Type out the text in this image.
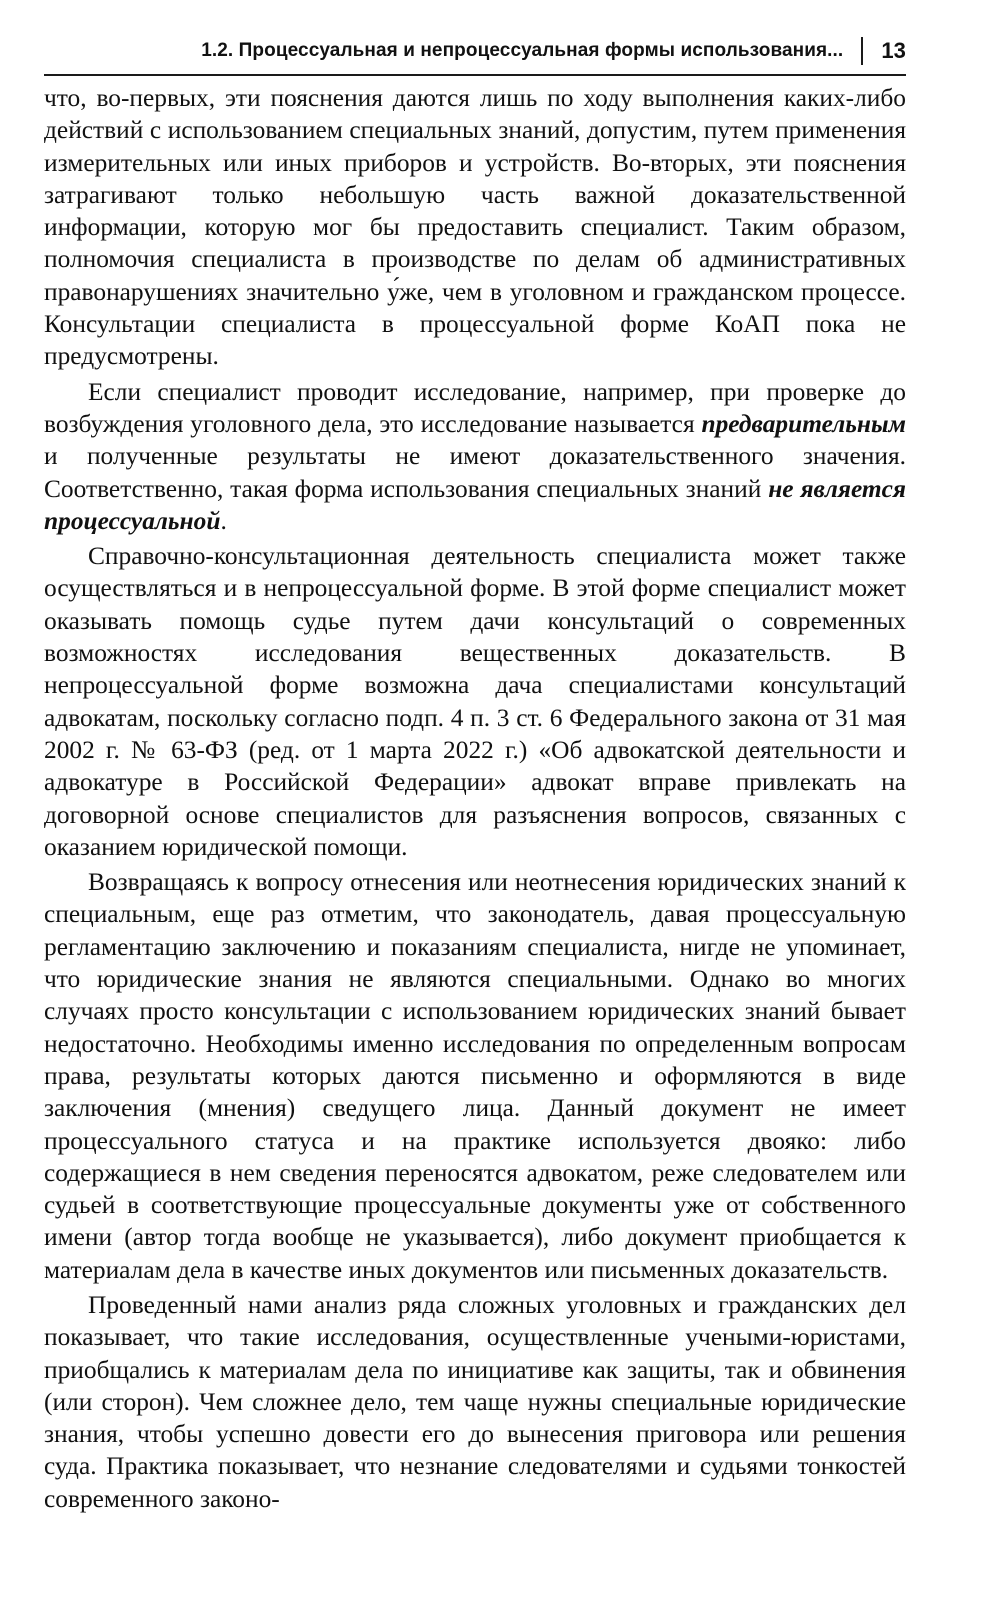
1.2. Процессуальная и непроцессуальная формы использования...	13

что, во-первых, эти пояснения даются лишь по ходу выполнения каких-либо действий с использованием специальных знаний, допустим, путем применения измерительных или иных приборов и устройств. Во-вторых, эти пояснения затрагивают только небольшую часть важной доказательственной информации, которую мог бы предоставить специалист. Таким образом, полномочия специалиста в производстве по делам об административных правонарушениях значительно у́же, чем в уголовном и гражданском процессе. Консультации специалиста в процессуальной форме КоАП пока не предусмотрены.

Если специалист проводит исследование, например, при проверке до возбуждения уголовного дела, это исследование называется предварительным и полученные результаты не имеют доказательственного значения. Соответственно, такая форма использования специальных знаний не является процессуальной.

Справочно-консультационная деятельность специалиста может также осуществляться и в непроцессуальной форме. В этой форме специалист может оказывать помощь судье путем дачи консультаций о современных возможностях исследования вещественных доказательств. В непроцессуальной форме возможна дача специалистами консультаций адвокатам, поскольку согласно подп. 4 п. 3 ст. 6 Федерального закона от 31 мая 2002 г. № 63-ФЗ (ред. от 1 марта 2022 г.) «Об адвокатской деятельности и адвокатуре в Российской Федерации» адвокат вправе привлекать на договорной основе специалистов для разъяснения вопросов, связанных с оказанием юридической помощи.

Возвращаясь к вопросу отнесения или неотнесения юридических знаний к специальным, еще раз отметим, что законодатель, давая процессуальную регламентацию заключению и показаниям специалиста, нигде не упоминает, что юридические знания не являются специальными. Однако во многих случаях просто консультации с использованием юридических знаний бывает недостаточно. Необходимы именно исследования по определенным вопросам права, результаты которых даются письменно и оформляются в виде заключения (мнения) сведущего лица. Данный документ не имеет процессуального статуса и на практике используется двояко: либо содержащиеся в нем сведения переносятся адвокатом, реже следователем или судьей в соответствующие процессуальные документы уже от собственного имени (автор тогда вообще не указывается), либо документ приобщается к материалам дела в качестве иных документов или письменных доказательств.

Проведенный нами анализ ряда сложных уголовных и гражданских дел показывает, что такие исследования, осуществленные учеными-юристами, приобщались к материалам дела по инициативе как защиты, так и обвинения (или сторон). Чем сложнее дело, тем чаще нужны специальные юридические знания, чтобы успешно довести его до вынесения приговора или решения суда. Практика показывает, что незнание следователями и судьями тонкостей современного законо-
